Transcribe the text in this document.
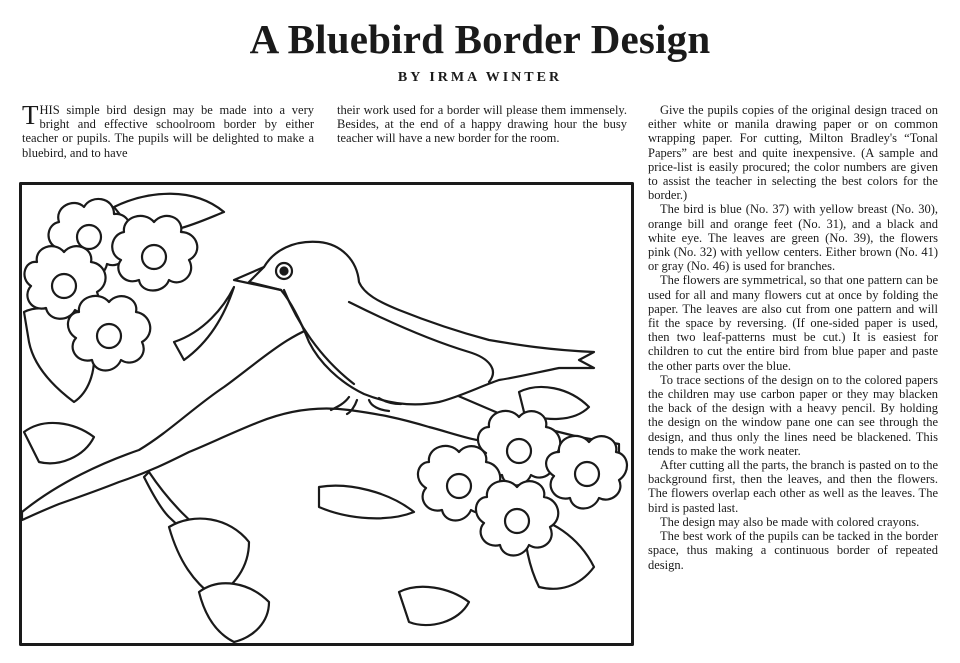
A Bluebird Border Design
BY IRMA WINTER

THIS simple bird design may be made into a very bright and effective schoolroom border by either teacher or pupils. The pupils will be delighted to make a bluebird, and to have

their work used for a border will please them immensely. Besides, at the end of a happy drawing hour the busy teacher will have a new border for the room.

Give the pupils copies of the original design traced on either white or manila drawing paper or on common wrapping paper. For cutting, Milton Bradley's “Tonal Papers” are best and quite inexpensive. (A sample and price-list is easily procured; the color numbers are given to assist the teacher in selecting the best colors for the border.)

The bird is blue (No. 37) with yellow breast (No. 30), orange bill and orange feet (No. 31), and a black and white eye. The leaves are green (No. 39), the flowers pink (No. 32) with yellow centers. Either brown (No. 41) or gray (No. 46) is used for branches.

The flowers are symmetrical, so that one pattern can be used for all and many flowers cut at once by folding the paper. The leaves are also cut from one pattern and will fit the space by reversing. (If one-sided paper is used, then two leaf-patterns must be cut.) It is easiest for children to cut the entire bird from blue paper and paste the other parts over the blue.

To trace sections of the design on to the colored papers the children may use carbon paper or they may blacken the back of the design with a heavy pencil. By holding the design on the window pane one can see through the design, and thus only the lines need be blackened. This tends to make the work neater.

After cutting all the parts, the branch is pasted on to the background first, then the leaves, and then the flowers. The flowers overlap each other as well as the leaves. The bird is pasted last.

The design may also be made with colored crayons.

The best work of the pupils can be tacked in the border space, thus making a continuous border of repeated design.
